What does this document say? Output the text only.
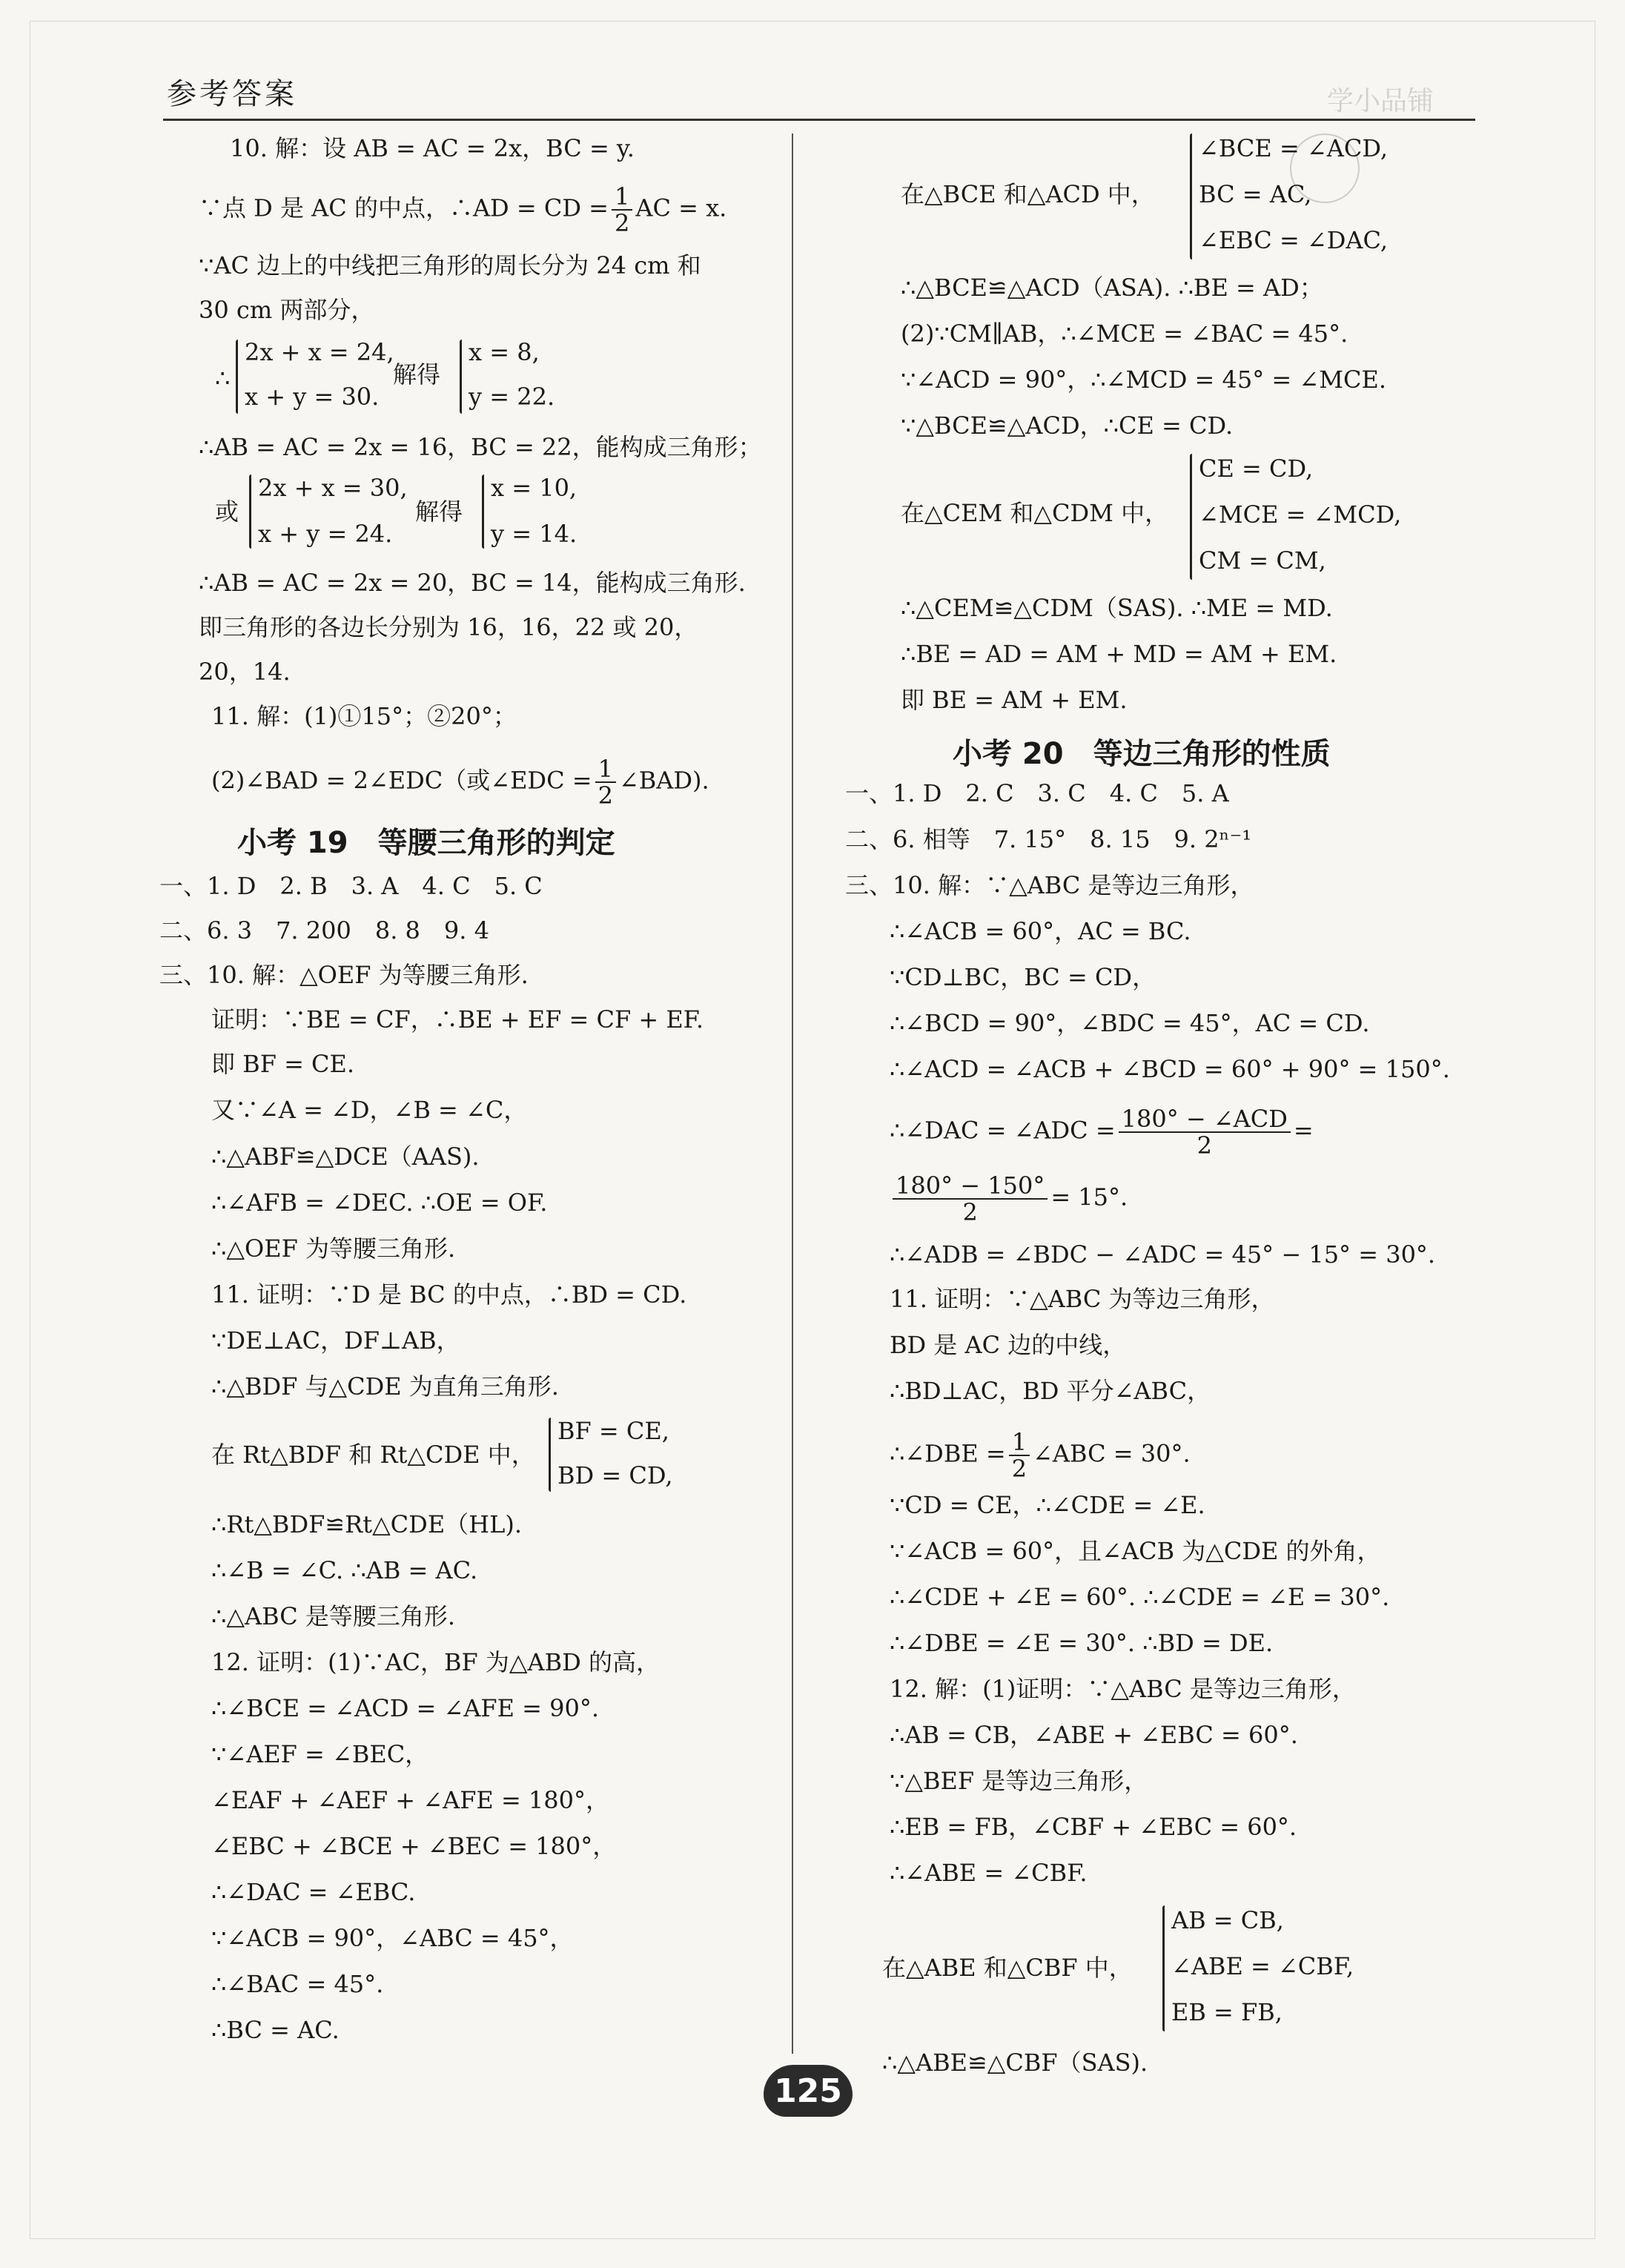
参考答案	学小品铺
10. 解：设 AB = AC = 2x，BC = y.
∵点 D 是 AC 的中点，∴AD = CD = $\frac{1}{2}$ AC = x.
∵AC 边上的中线把三角形的周长分为 24 cm 和
30 cm 两部分，
∴
2x + x = 24,
x + y = 30.
解得
x = 8,
y = 22.
∴AB = AC = 2x = 16，BC = 22，能构成三角形；
或
2x + x = 30,
x + y = 24.
解得
x = 10,
y = 14.
∴AB = AC = 2x = 20，BC = 14，能构成三角形.
即三角形的各边长分别为 16，16，22 或 20，
20，14.
11. 解：(1)①15°；②20°；
(2)∠BAD = 2∠EDC（或∠EDC = $\frac{1}{2}$ ∠BAD).
小考 19　等腰三角形的判定
一、1. D　2. B　3. A　4. C　5. C
二、6. 3　7. 200　8. 8　9. 4
三、10. 解：△OEF 为等腰三角形.
证明：∵BE = CF，∴BE + EF = CF + EF.
即 BF = CE.
又∵∠A = ∠D，∠B = ∠C，
∴△ABF≌△DCE（AAS).
∴∠AFB = ∠DEC. ∴OE = OF.
∴△OEF 为等腰三角形.
11. 证明：∵D 是 BC 的中点，∴BD = CD.
∵DE⊥AC，DF⊥AB，
∴△BDF 与△CDE 为直角三角形.
在 Rt△BDF 和 Rt△CDE 中，
BF = CE,
BD = CD,
∴Rt△BDF≌Rt△CDE（HL).
∴∠B = ∠C. ∴AB = AC.
∴△ABC 是等腰三角形.
12. 证明：(1)∵AC，BF 为△ABD 的高，
∴∠BCE = ∠ACD = ∠AFE = 90°.
∵∠AEF = ∠BEC，
∠EAF + ∠AEF + ∠AFE = 180°，
∠EBC + ∠BCE + ∠BEC = 180°，
∴∠DAC = ∠EBC.
∵∠ACB = 90°，∠ABC = 45°，
∴∠BAC = 45°.
∴BC = AC.
在△BCE 和△ACD 中，
∠BCE = ∠ACD,
BC = AC,
∠EBC = ∠DAC,
∴△BCE≌△ACD（ASA). ∴BE = AD；
(2)∵CM∥AB，∴∠MCE = ∠BAC = 45°.
∵∠ACD = 90°，∴∠MCD = 45° = ∠MCE.
∵△BCE≌△ACD，∴CE = CD.
在△CEM 和△CDM 中，
CE = CD,
∠MCE = ∠MCD,
CM = CM,
∴△CEM≌△CDM（SAS). ∴ME = MD.
∴BE = AD = AM + MD = AM + EM.
即 BE = AM + EM.
小考 20　等边三角形的性质
一、1. D　2. C　3. C　4. C　5. A
二、6. 相等　7. 15°　8. 15　9. 2ⁿ⁻¹
三、10. 解：∵△ABC 是等边三角形，
∴∠ACB = 60°，AC = BC.
∵CD⊥BC，BC = CD，
∴∠BCD = 90°，∠BDC = 45°，AC = CD.
∴∠ACD = ∠ACB + ∠BCD = 60° + 90° = 150°.
∴∠DAC = ∠ADC = $\frac{\text{180° − ∠ACD}}{2}$ =
$\frac{180^\circ - 150^\circ}{2} = 15^\circ$.
∴∠ADB = ∠BDC − ∠ADC = 45° − 15° = 30°.
11. 证明：∵△ABC 为等边三角形，
BD 是 AC 边的中线，
∴BD⊥AC，BD 平分∠ABC，
∴∠DBE = $\frac{1}{2}$ ∠ABC = 30°.
∵CD = CE，∴∠CDE = ∠E.
∵∠ACB = 60°，且∠ACB 为△CDE 的外角，
∴∠CDE + ∠E = 60°. ∴∠CDE = ∠E = 30°.
∴∠DBE = ∠E = 30°. ∴BD = DE.
12. 解：(1)证明：∵△ABC 是等边三角形，
∴AB = CB，∠ABE + ∠EBC = 60°.
∵△BEF 是等边三角形，
∴EB = FB，∠CBF + ∠EBC = 60°.
∴∠ABE = ∠CBF.
在△ABE 和△CBF 中，
AB = CB,
∠ABE = ∠CBF,
EB = FB,
∴△ABE≌△CBF（SAS).
125
